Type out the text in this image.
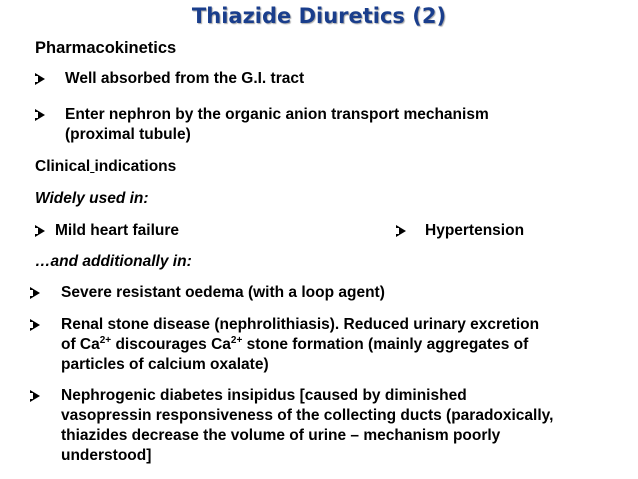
Thiazide Diuretics (2)
Pharmacokinetics
Well absorbed from the G.I. tract
Enter nephron by the organic anion transport mechanism
(proximal tubule)
Clinical indications
Widely used in:
Mild heart failure	Hypertension
…and additionally in:
Severe resistant oedema (with a loop agent)
Renal stone disease (nephrolithiasis). Reduced urinary excretion
of $Ca^{2+}$ discourages $Ca^{2+}$ stone formation (mainly aggregates of
particles of calcium oxalate)
Nephrogenic diabetes insipidus [caused by diminished
vasopressin responsiveness of the collecting ducts (paradoxically,
thiazides decrease the volume of urine – mechanism poorly
understood]
